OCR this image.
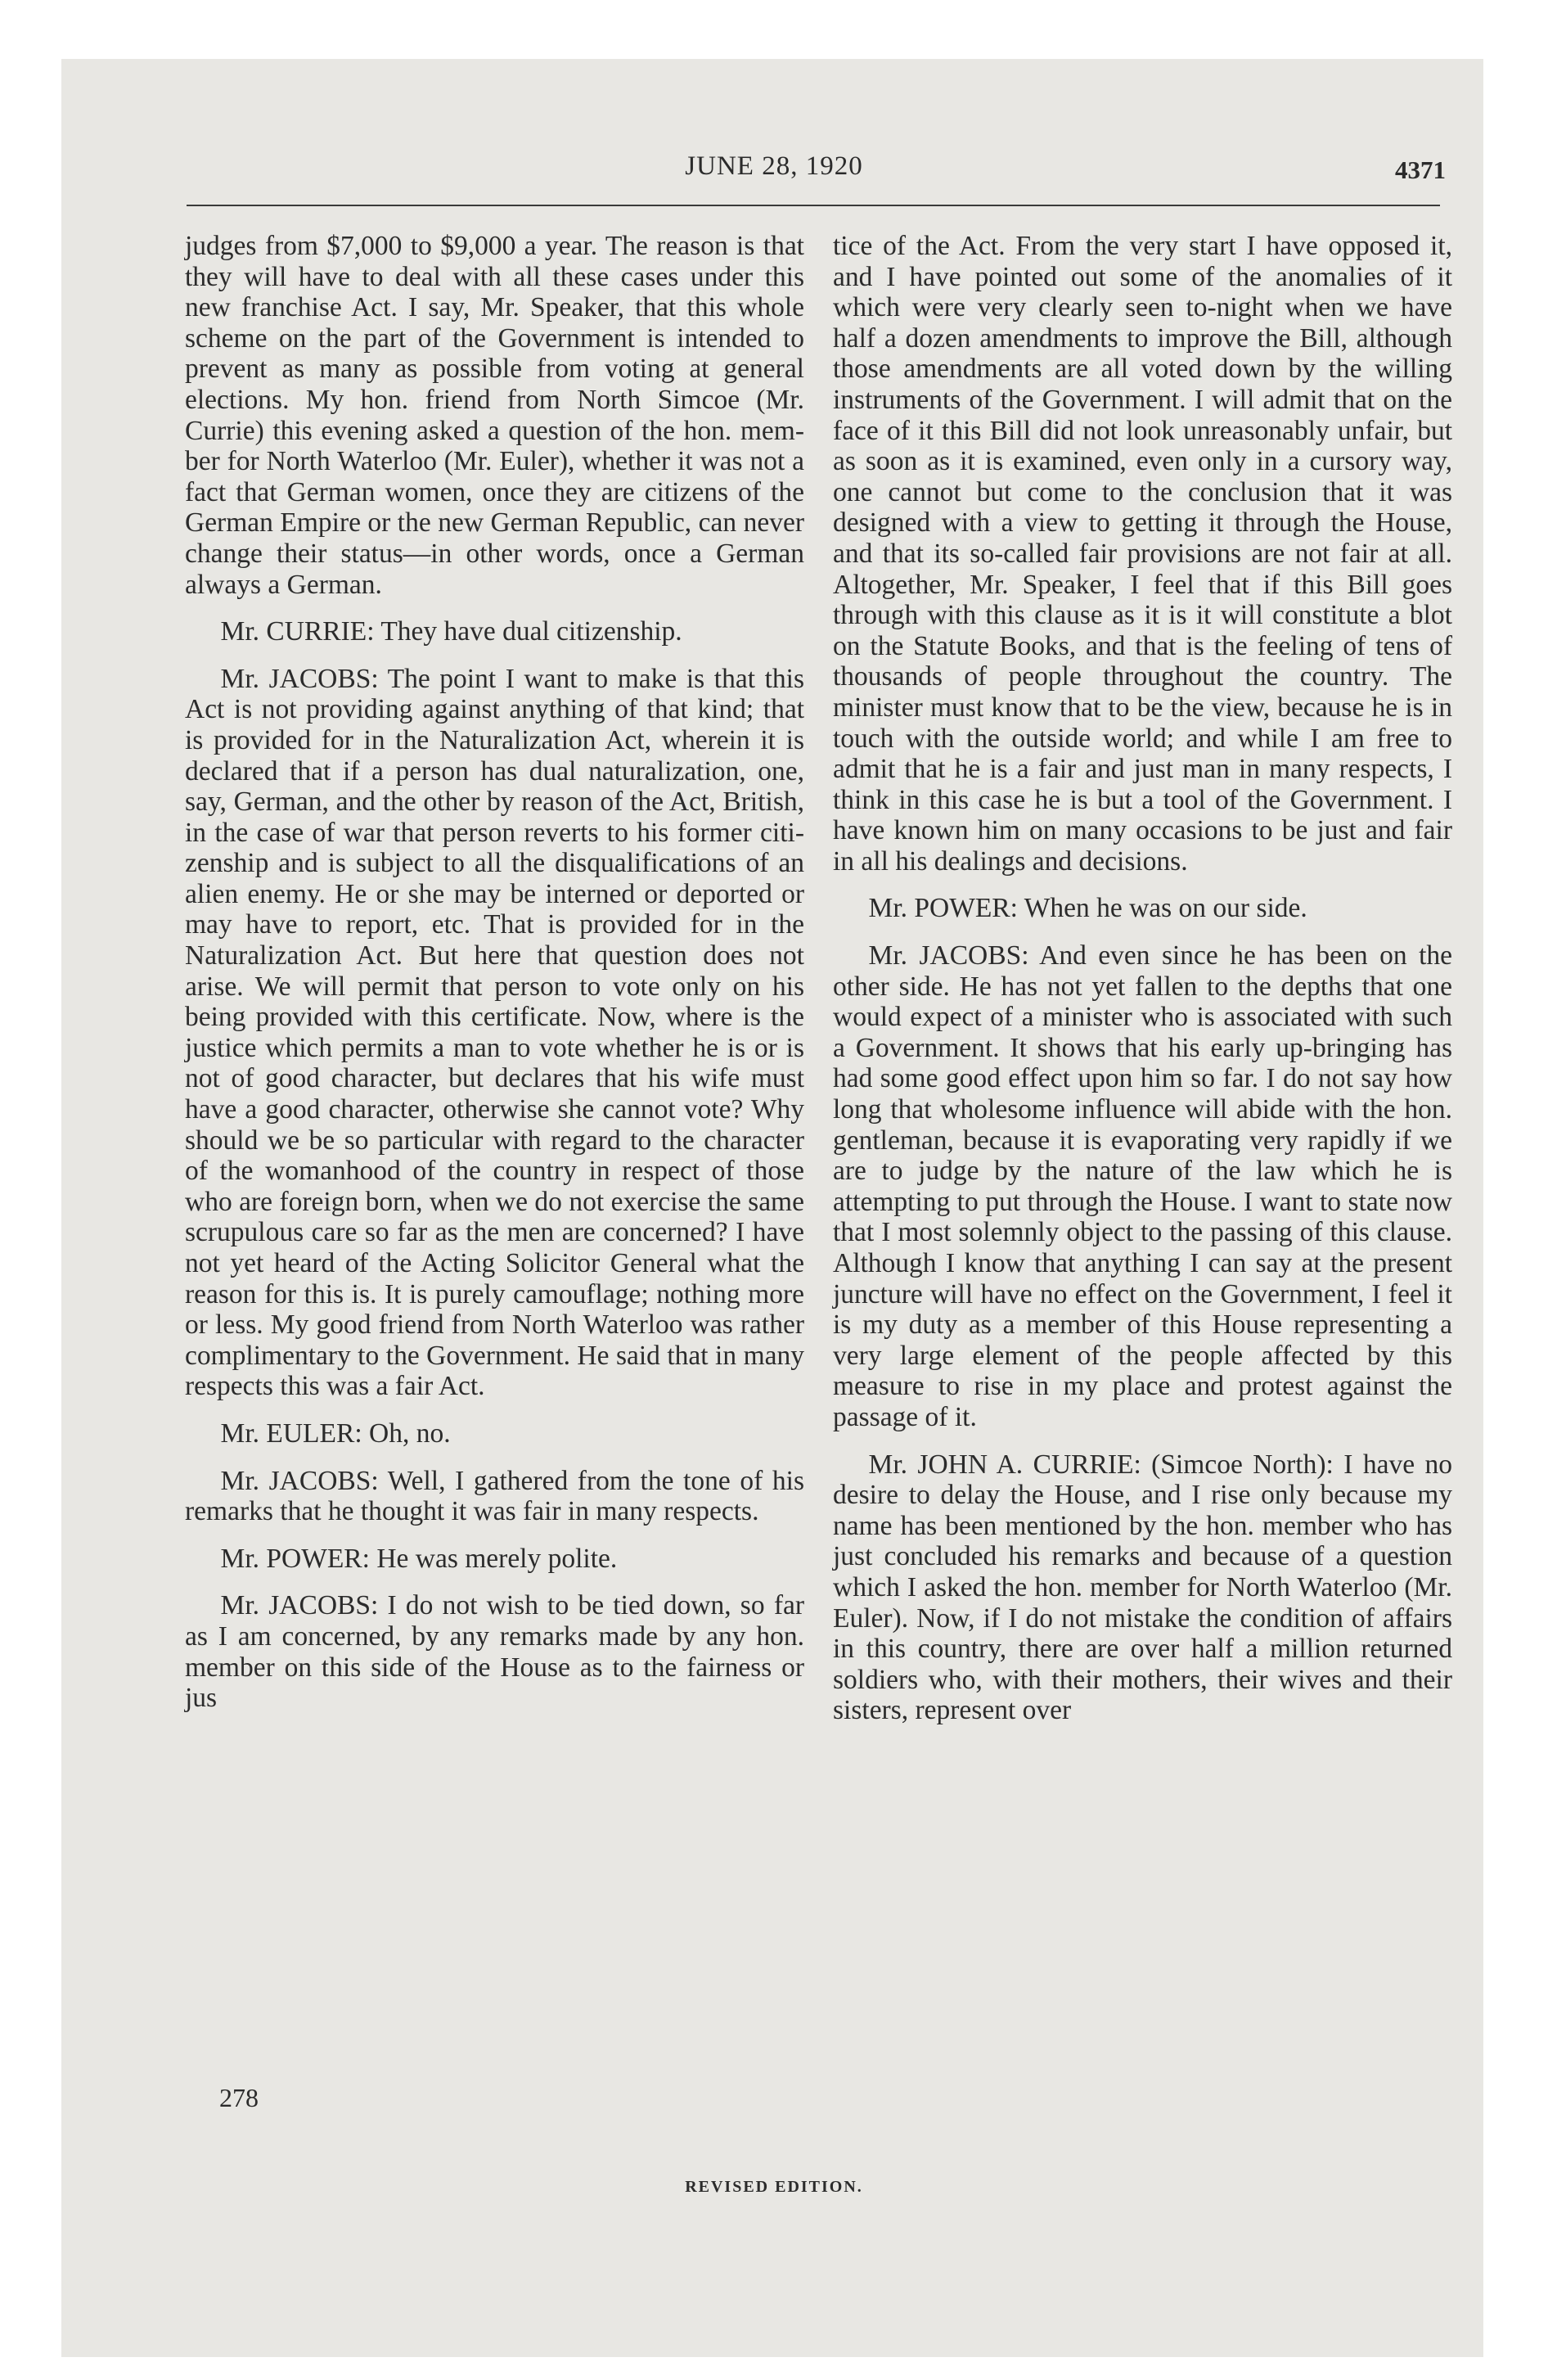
JUNE 28, 1920	4371

judges from $7,000 to $9,000 a year. The reason is that they will have to deal with all these cases under this new franchise Act. I say, Mr. Speaker, that this whole scheme on the part of the Government is intended to prevent as many as possible from voting at general elections. My hon. friend from North Simcoe (Mr. Currie) this evening asked a question of the hon. member for North Waterloo (Mr. Euler), whether it was not a fact that German women, once they are citizens of the German Empire or the new German Republic, can never change their status—in other words, once a German always a German.

Mr. CURRIE: They have dual citizenship.

Mr. JACOBS: The point I want to make is that this Act is not providing against anything of that kind; that is provided for in the Naturalization Act, wherein it is declared that if a person has dual naturalization, one, say, German, and the other by reason of the Act, British, in the case of war that person reverts to his former citizenship and is subject to all the disqualifications of an alien enemy. He or she may be interned or deported or may have to report, etc. That is provided for in the Naturalization Act. But here that question does not arise. We will permit that person to vote only on his being provided with this certificate. Now, where is the justice which permits a man to vote whether he is or is not of good character, but declares that his wife must have a good character, otherwise she cannot vote? Why should we be so particular with regard to the character of the womanhood of the country in respect of those who are foreign born, when we do not exercise the same scrupulous care so far as the men are concerned? I have not yet heard of the Acting Solicitor General what the reason for this is. It is purely camouflage; nothing more or less. My good friend from North Waterloo was rather complimentary to the Government. He said that in many respects this was a fair Act.

Mr. EULER: Oh, no.

Mr. JACOBS: Well, I gathered from the tone of his remarks that he thought it was fair in many respects.

Mr. POWER: He was merely polite.

Mr. JACOBS: I do not wish to be tied down, so far as I am concerned, by any remarks made by any hon. member on this side of the House as to the fairness or jus

tice of the Act. From the very start I have opposed it, and I have pointed out some of the anomalies of it which were very clearly seen to-night when we have half a dozen amendments to improve the Bill, although those amendments are all voted down by the willing instruments of the Government. I will admit that on the face of it this Bill did not look unreasonably unfair, but as soon as it is examined, even only in a cursory way, one cannot but come to the conclusion that it was designed with a view to getting it through the House, and that its so-called fair provisions are not fair at all. Altogether, Mr. Speaker, I feel that if this Bill goes through with this clause as it is it will constitute a blot on the Statute Books, and that is the feeling of tens of thousands of people throughout the country. The minister must know that to be the view, because he is in touch with the outside world; and while I am free to admit that he is a fair and just man in many respects, I think in this case he is but a tool of the Government. I have known him on many occasions to be just and fair in all his dealings and decisions.

Mr. POWER: When he was on our side.

Mr. JACOBS: And even since he has been on the other side. He has not yet fallen to the depths that one would expect of a minister who is associated with such a Government. It shows that his early up-bringing has had some good effect upon him so far. I do not say how long that wholesome influence will abide with the hon. gentleman, because it is evaporating very rapidly if we are to judge by the nature of the law which he is attempting to put through the House. I want to state now that I most solemnly object to the passing of this clause. Although I know that anything I can say at the present juncture will have no effect on the Government, I feel it is my duty as a member of this House representing a very large element of the people affected by this measure to rise in my place and protest against the passage of it.

Mr. JOHN A. CURRIE: (Simcoe North): I have no desire to delay the House, and I rise only because my name has been mentioned by the hon. member who has just concluded his remarks and because of a question which I asked the hon. member for North Waterloo (Mr. Euler). Now, if I do not mistake the condition of affairs in this country, there are over half a million returned soldiers who, with their mothers, their wives and their sisters, represent over

278
REVISED EDITION.
